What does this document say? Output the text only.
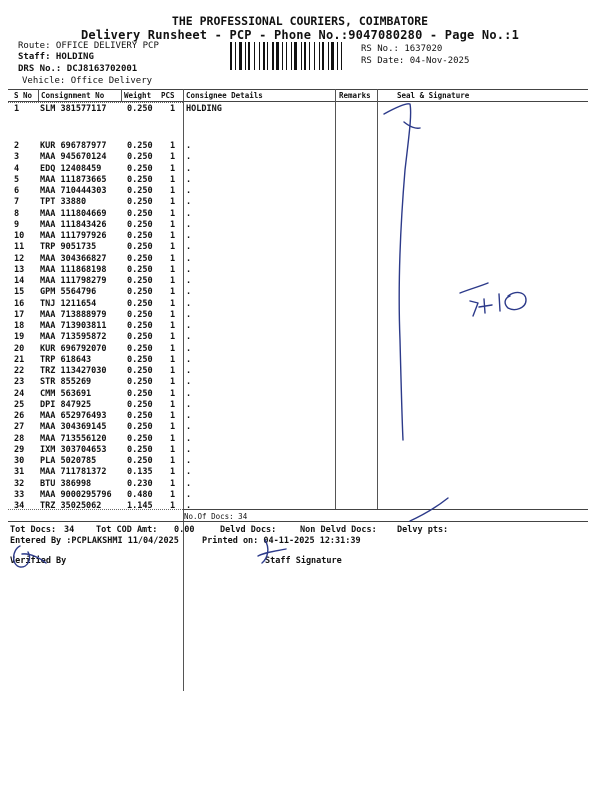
THE PROFESSIONAL COURIERS, COIMBATORE
Delivery Runsheet - PCP - Phone No.:9047080280 - Page No.:1
Route: OFFICE DELIVERY PCP
Staff: HOLDING
DRS No.: DCJ8163702001
Vehicle: Office Delivery
RS No.: 1637020
RS Date: 04-Nov-2025
S No Consignment No	Weight PCS Consignee Details	Remarks	Seal & Signature
1 SLM 381577117 0.250 1 HOLDING
2 KUR 696787977 0.250 1 .
3 MAA 945670124 0.250 1 .
4 EDQ 12408459	0.250 1 .
5 MAA 111873665 0.250 1 .
6 MAA 710444303 0.250 1 .
7 TPT 33880	0.250 1 .
8 MAA 111804669 0.250 1 .
9 MAA 111843426 0.250 1 .
10 MAA 111797926 0.250 1 .
11 TRP 9051735	0.250 1 .
12 MAA 304366827 0.250 1 .
13 MAA 111868198 0.250 1 .
14 MAA 111798279 0.250 1 .
15 GPM 5564796	0.250 1 .
16 TNJ 1211654	0.250 1 .
17 MAA 713888979 0.250 1 .
18 MAA 713903811 0.250 1 .
19 MAA 713595872 0.250 1 .
20 KUR 696792070 0.250 1 .
21 TRP 618643	0.250 1 .
22 TRZ 113427030 0.250 1 .
23 STR 855269	0.250 1 .
24 CMM 563691	0.250 1 .
25 DPI 847925	0.250 1 .
26 MAA 652976493 0.250 1 .
27 MAA 304369145 0.250 1 .
28 MAA 713556120 0.250 1 .
29 IXM 303704653 0.250 1 .
30 PLA 5020785	0.250 1 .
31 MAA 711781372 0.135 1 .
32 BTU 386998	0.230 1 .
33 MAA 9000295796 0.480 1 .
34 TRZ 35025062	1.145 1 .
No.Of Docs: 34
Tot Docs: 34	Tot COD Amt: 0.00	Delvd Docs:	Non Delvd Docs: Delvy pts:
Entered By :PCPLAKSHMI 11/04/2025	Printed on: 04-11-2025 12:31:39
Verified By	Staff Signature
